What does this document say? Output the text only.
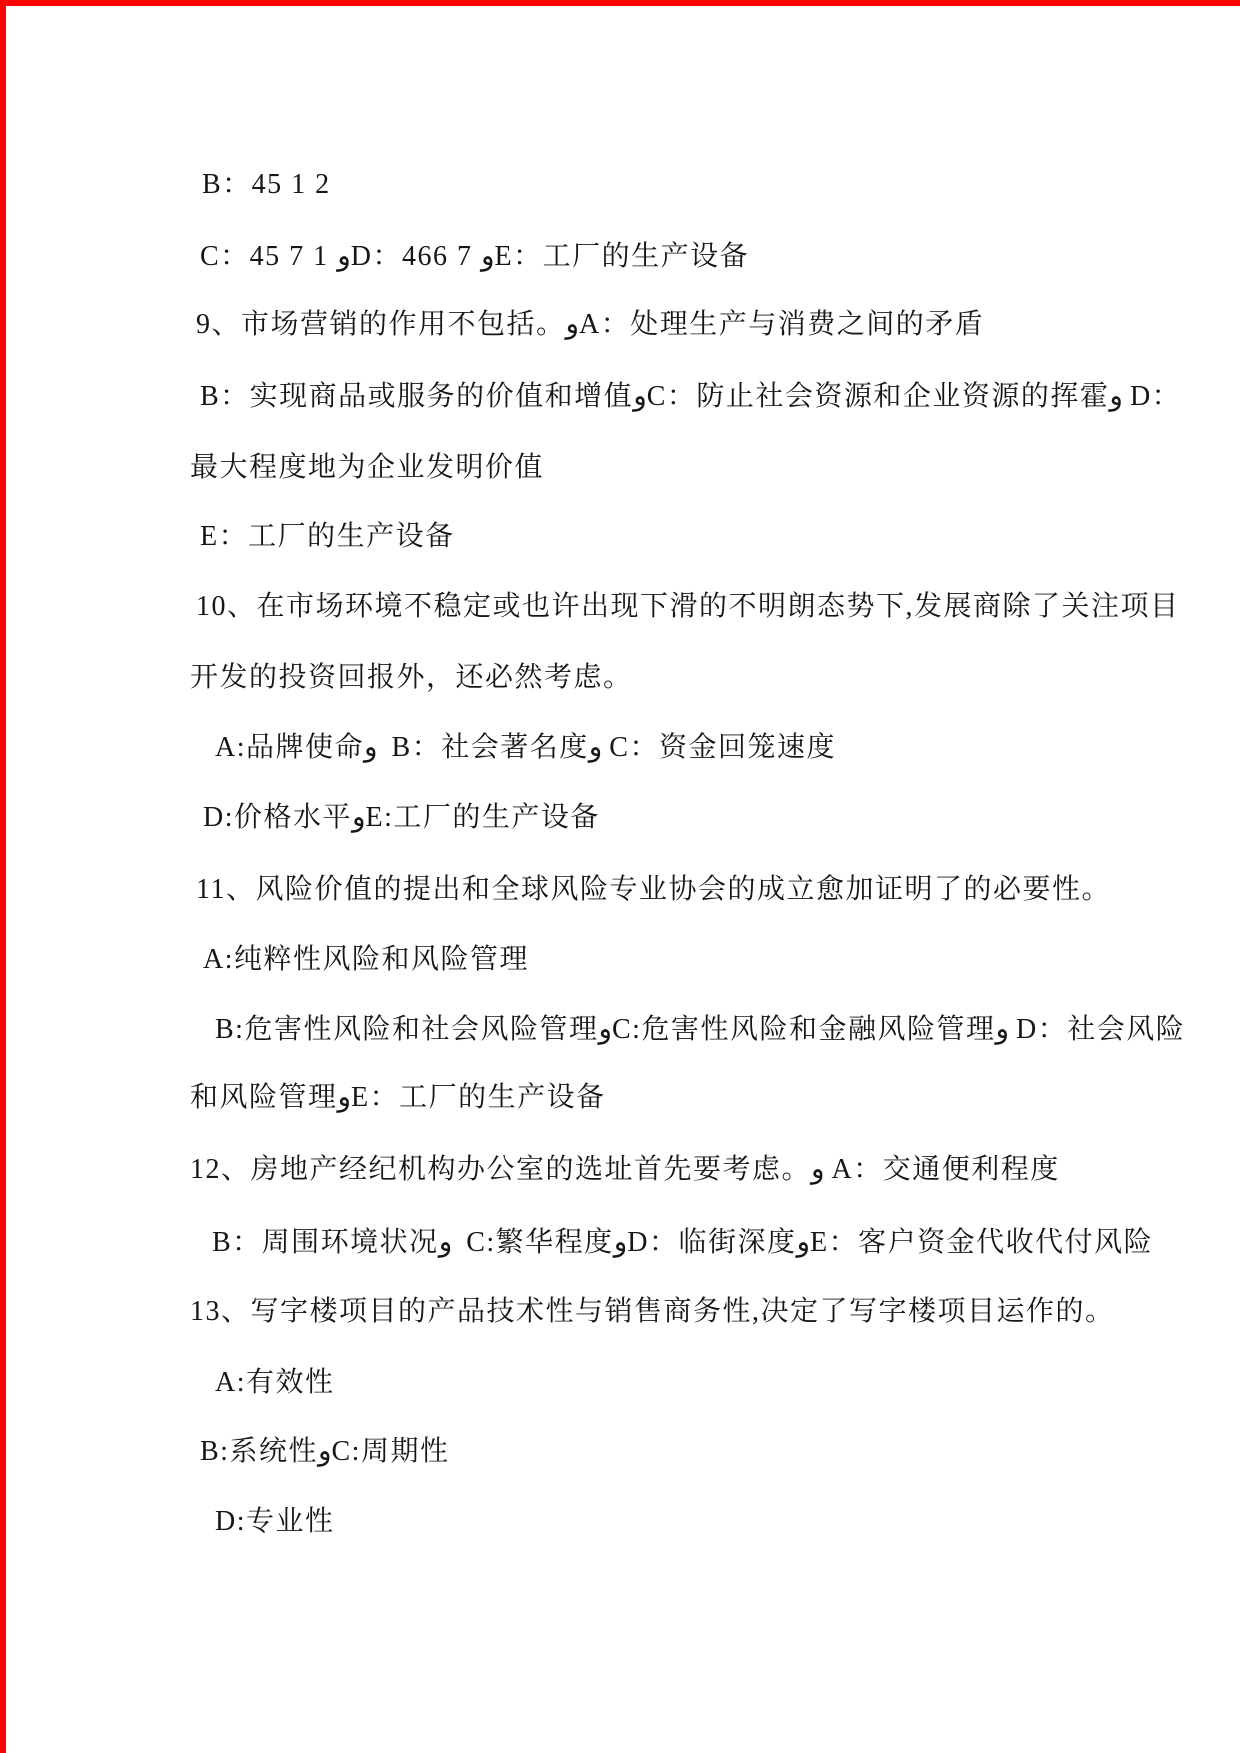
B：45 1 2
C：45 7 1 وD：466 7 وE：工厂的生产设备
9、市场营销的作用不包括。وA：处理生产与消费之间的矛盾
B：实现商品或服务的价值和增值وC：防止社会资源和企业资源的挥霍و D：
最大程度地为企业发明价值
E：工厂的生产设备
10、在市场环境不稳定或也许出现下滑的不明朗态势下,发展商除了关注项目
开发的投资回报外，还必然考虑。
A:品牌使命و  B：社会著名度و C：资金回笼速度
D:价格水平وE:工厂的生产设备
11、风险价值的提出和全球风险专业协会的成立愈加证明了的必要性。
A:纯粹性风险和风险管理
B:危害性风险和社会风险管理وC:危害性风险和金融风险管理و D：社会风险
和风险管理وE：工厂的生产设备
12、房地产经纪机构办公室的选址首先要考虑。و A：交通便利程度
B：周围环境状况و  C:繁华程度وD：临街深度وE：客户资金代收代付风险
13、写字楼项目的产品技术性与销售商务性,决定了写字楼项目运作的。
A:有效性
B:系统性وC:周期性
D:专业性
